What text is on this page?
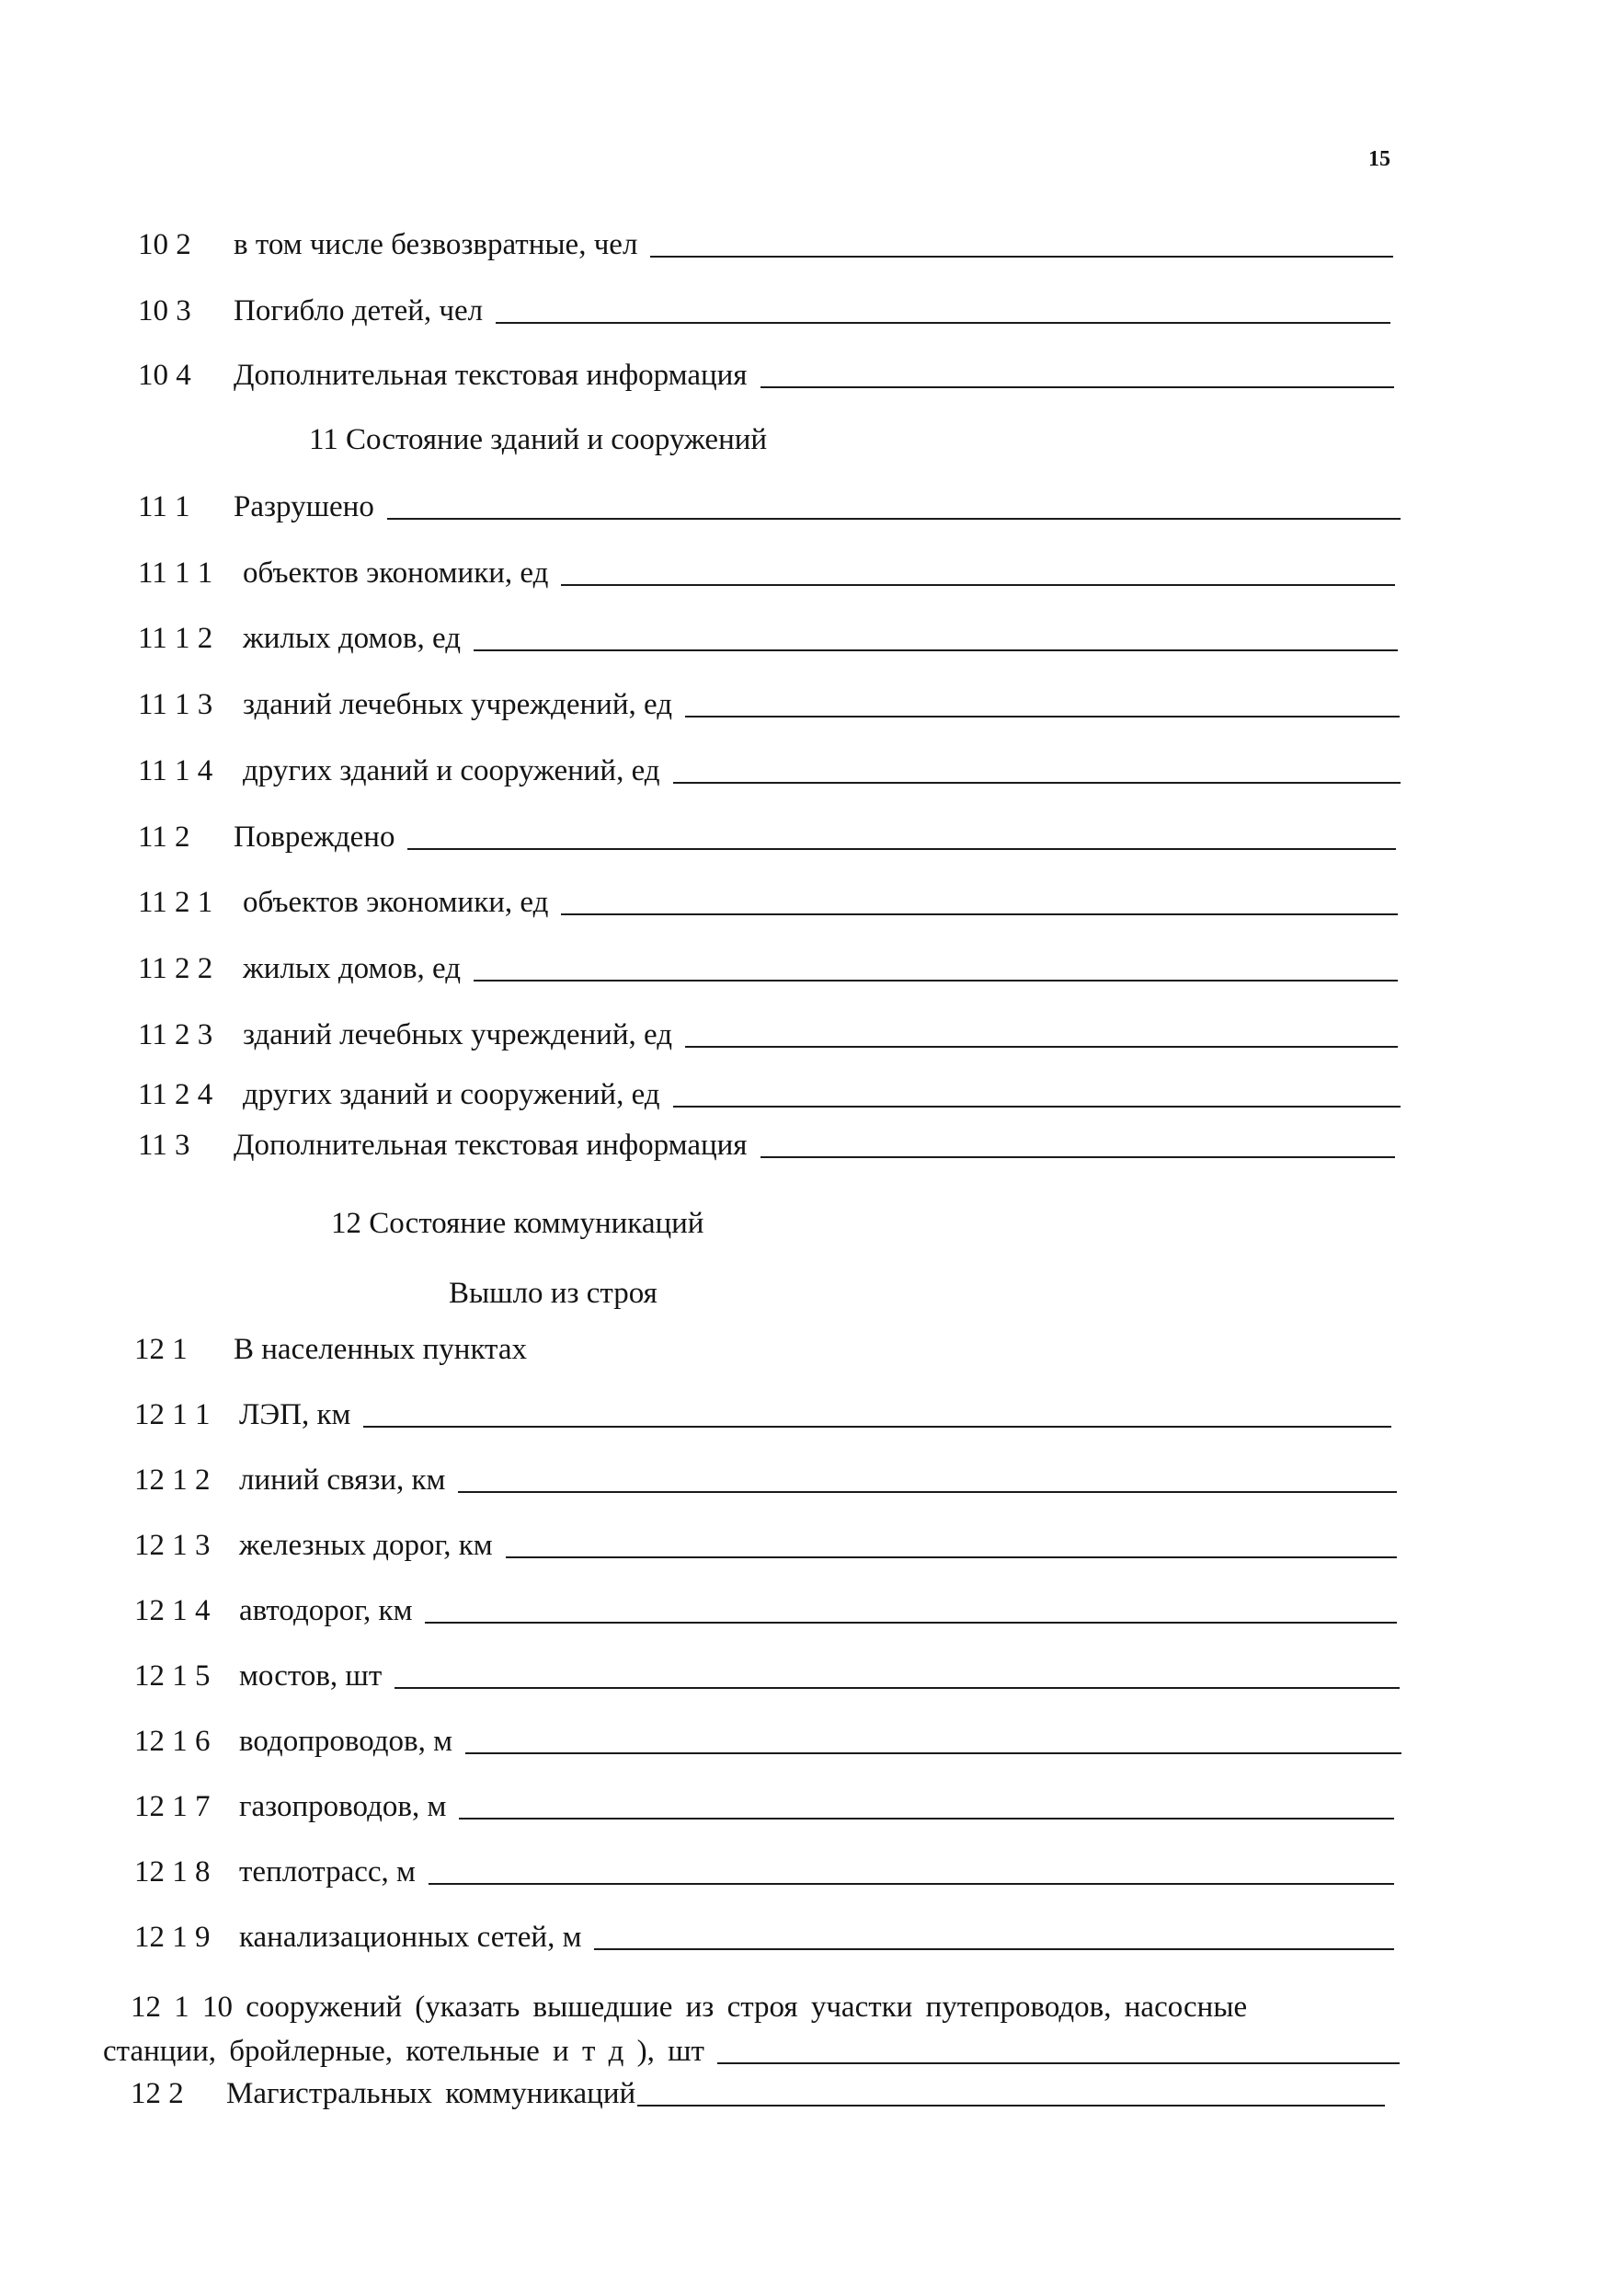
15
10 2	в том числе безвозвратные, чел
10 3	Погибло детей, чел
10 4	Дополнительная текстовая информация
11 Состояние зданий и сооружений
11 1	Разрушено
11 1 1 объектов экономики, ед
11 1 2 жилых домов, ед
11 1 3 зданий лечебных учреждений, ед
11 1 4 других зданий и сооружений, ед
11 2	Повреждено
11 2 1 объектов экономики, ед
11 2 2 жилых домов, ед
11 2 3 зданий лечебных учреждений, ед
11 2 4 других зданий и сооружений, ед
11 3	Дополнительная текстовая информация
12 Состояние коммуникаций
Вышло из строя
12 1	В населенных пунктах
12 1 1 ЛЭП, км
12 1 2 линий связи, км
12 1 3 железных дорог, км
12 1 4 автодорог, км
12 1 5 мостов, шт
12 1 6 водопроводов, м
12 1 7 газопроводов, м
12 1 8 теплотрасс, м
12 1 9 канализационных сетей, м
12 1 10 сооружений (указать вышедшие из строя участки путепроводов, насосные
станции, бройлерные, котельные и т д ), шт
12 2	Магистральных коммуникаций
